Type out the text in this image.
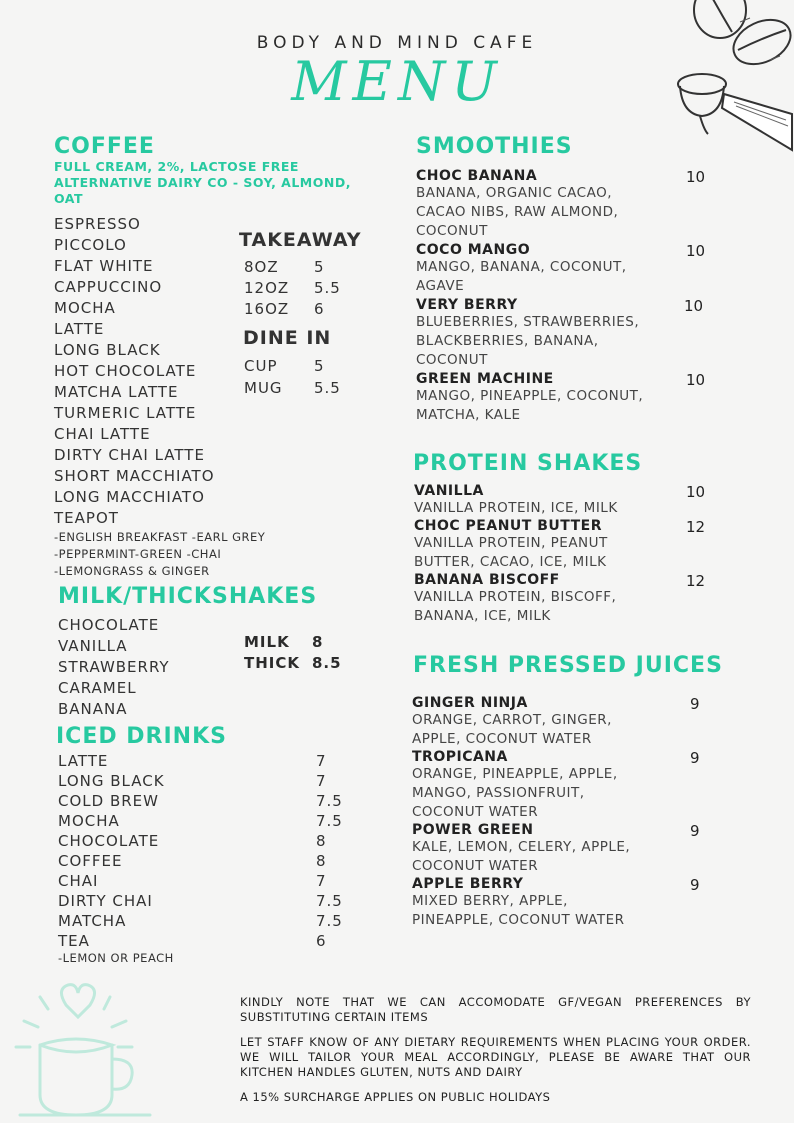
BODY AND MIND CAFE
MENU
COFFEE
FULL CREAM, 2%, LACTOSE FREE ALTERNATIVE DAIRY CO - SOY, ALMOND, OAT
ESPRESSO
PICCOLO
FLAT WHITE
CAPPUCCINO
MOCHA
LATTE
LONG BLACK
HOT CHOCOLATE
MATCHA LATTE
TURMERIC LATTE
CHAI LATTE
DIRTY CHAI LATTE
SHORT MACCHIATO
LONG MACCHIATO
TEAPOT
-ENGLISH BREAKFAST -EARL GREY
-PEPPERMINT-GREEN -CHAI
-LEMONGRASS & GINGER
TAKEAWAY
8OZ 5
12OZ 5.5
16OZ 6
DINE IN
CUP 5
MUG 5.5
MILK/THICKSHAKES
CHOCOLATE
VANILLA
STRAWBERRY
CARAMEL
BANANA
MILK 8
THICK 8.5
ICED DRINKS
LATTE	7
LONG BLACK	7
COLD BREW	7.5
MOCHA	7.5
CHOCOLATE	8
COFFEE	8
CHAI	7
DIRTY CHAI	7.5
MATCHA	7.5
TEA	6
-LEMON OR PEACH
SMOOTHIES
CHOC BANANA	10
BANANA, ORGANIC CACAO, CACAO NIBS, RAW ALMOND, COCONUT
COCO MANGO	10
MANGO, BANANA, COCONUT, AGAVE
VERY BERRY	10
BLUEBERRIES, STRAWBERRIES, BLACKBERRIES, BANANA, COCONUT
GREEN MACHINE	10
MANGO, PINEAPPLE, COCONUT, MATCHA, KALE
PROTEIN SHAKES
VANILLA	10
VANILLA PROTEIN, ICE, MILK
CHOC PEANUT BUTTER	12
VANILLA PROTEIN, PEANUT BUTTER, CACAO, ICE, MILK
BANANA BISCOFF	12
VANILLA PROTEIN, BISCOFF, BANANA, ICE, MILK
FRESH PRESSED JUICES
GINGER NINJA	9
ORANGE, CARROT, GINGER, APPLE, COCONUT WATER
TROPICANA	9
ORANGE, PINEAPPLE, APPLE, MANGO, PASSIONFRUIT, COCONUT WATER
POWER GREEN	9
KALE, LEMON, CELERY, APPLE, COCONUT WATER
APPLE BERRY	9
MIXED BERRY, APPLE, PINEAPPLE, COCONUT WATER
KINDLY NOTE THAT WE CAN ACCOMODATE GF/VEGAN PREFERENCES BY SUBSTITUTING CERTAIN ITEMS
LET STAFF KNOW OF ANY DIETARY REQUIREMENTS WHEN PLACING YOUR ORDER. WE WILL TAILOR YOUR MEAL ACCORDINGLY, PLEASE BE AWARE THAT OUR KITCHEN HANDLES GLUTEN, NUTS AND DAIRY
A 15% SURCHARGE APPLIES ON PUBLIC HOLIDAYS
